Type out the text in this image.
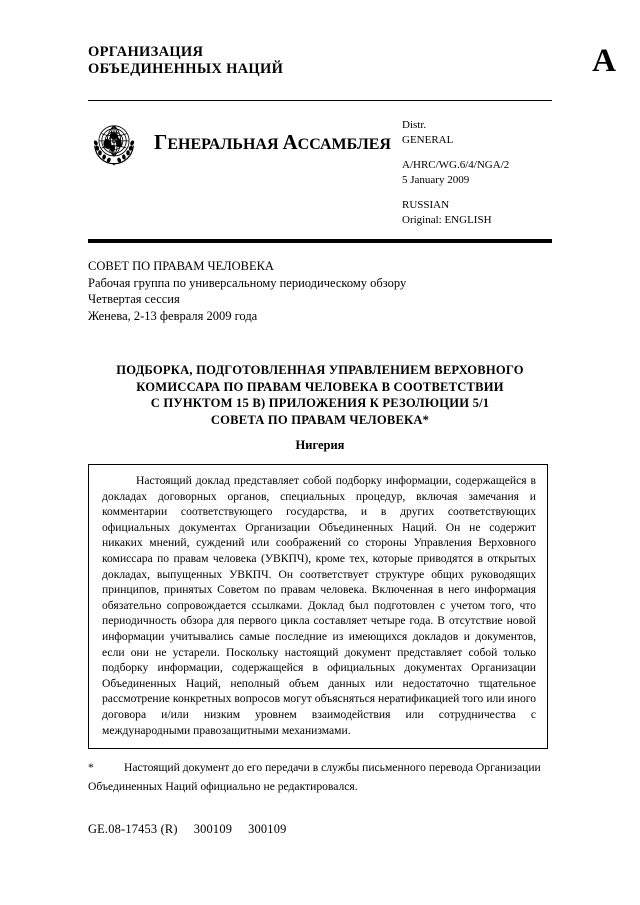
ОРГАНИЗАЦИЯ
ОБЪЕДИНЕННЫХ НАЦИЙ	A
ГЕНЕРАЛЬНАЯ АССАМБЛЕЯ
Distr.
GENERAL
A/HRC/WG.6/4/NGA/2
5 January 2009
RUSSIAN
Original: ENGLISH
СОВЕТ ПО ПРАВАМ ЧЕЛОВЕКА
Рабочая группа по универсальному периодическому обзору
Четвертая сессия
Женева, 2-13 февраля 2009 года
ПОДБОРКА, ПОДГОТОВЛЕННАЯ УПРАВЛЕНИЕМ ВЕРХОВНОГО
КОМИССАРА ПО ПРАВАМ ЧЕЛОВЕКА В СООТВЕТСТВИИ
С ПУНКТОМ 15 B) ПРИЛОЖЕНИЯ К РЕЗОЛЮЦИИ 5/1
СОВЕТА ПО ПРАВАМ ЧЕЛОВЕКА*
Нигерия

Настоящий доклад представляет собой подборку информации, содержащейся в докладах договорных органов, специальных процедур, включая замечания и комментарии соответствующего государства, и в других соответствующих официальных документах Организации Объединенных Наций. Он не содержит никаких мнений, суждений или соображений со стороны Управления Верховного комиссара по правам человека (УВКПЧ), кроме тех, которые приводятся в открытых докладах, выпущенных УВКПЧ. Он соответствует структуре общих руководящих принципов, принятых Советом по правам человека. Включенная в него информация обязательно сопровождается ссылками. Доклад был подготовлен с учетом того, что периодичность обзора для первого цикла составляет четыре года. В отсутствие новой информации учитывались самые последние из имеющихся докладов и документов, если они не устарели. Поскольку настоящий документ представляет собой только подборку информации, содержащейся в официальных документах Организации Объединенных Наций, неполный объем данных или недостаточно тщательное рассмотрение конкретных вопросов могут объясняться нератификацией того или иного договора и/или низким уровнем взаимодействия или сотрудничества с международными правозащитными механизмами.

*	Настоящий документ до его передачи в службы письменного перевода Организации Объединенных Наций официально не редактировался.
GE.08-17453 (R) 300109 300109
